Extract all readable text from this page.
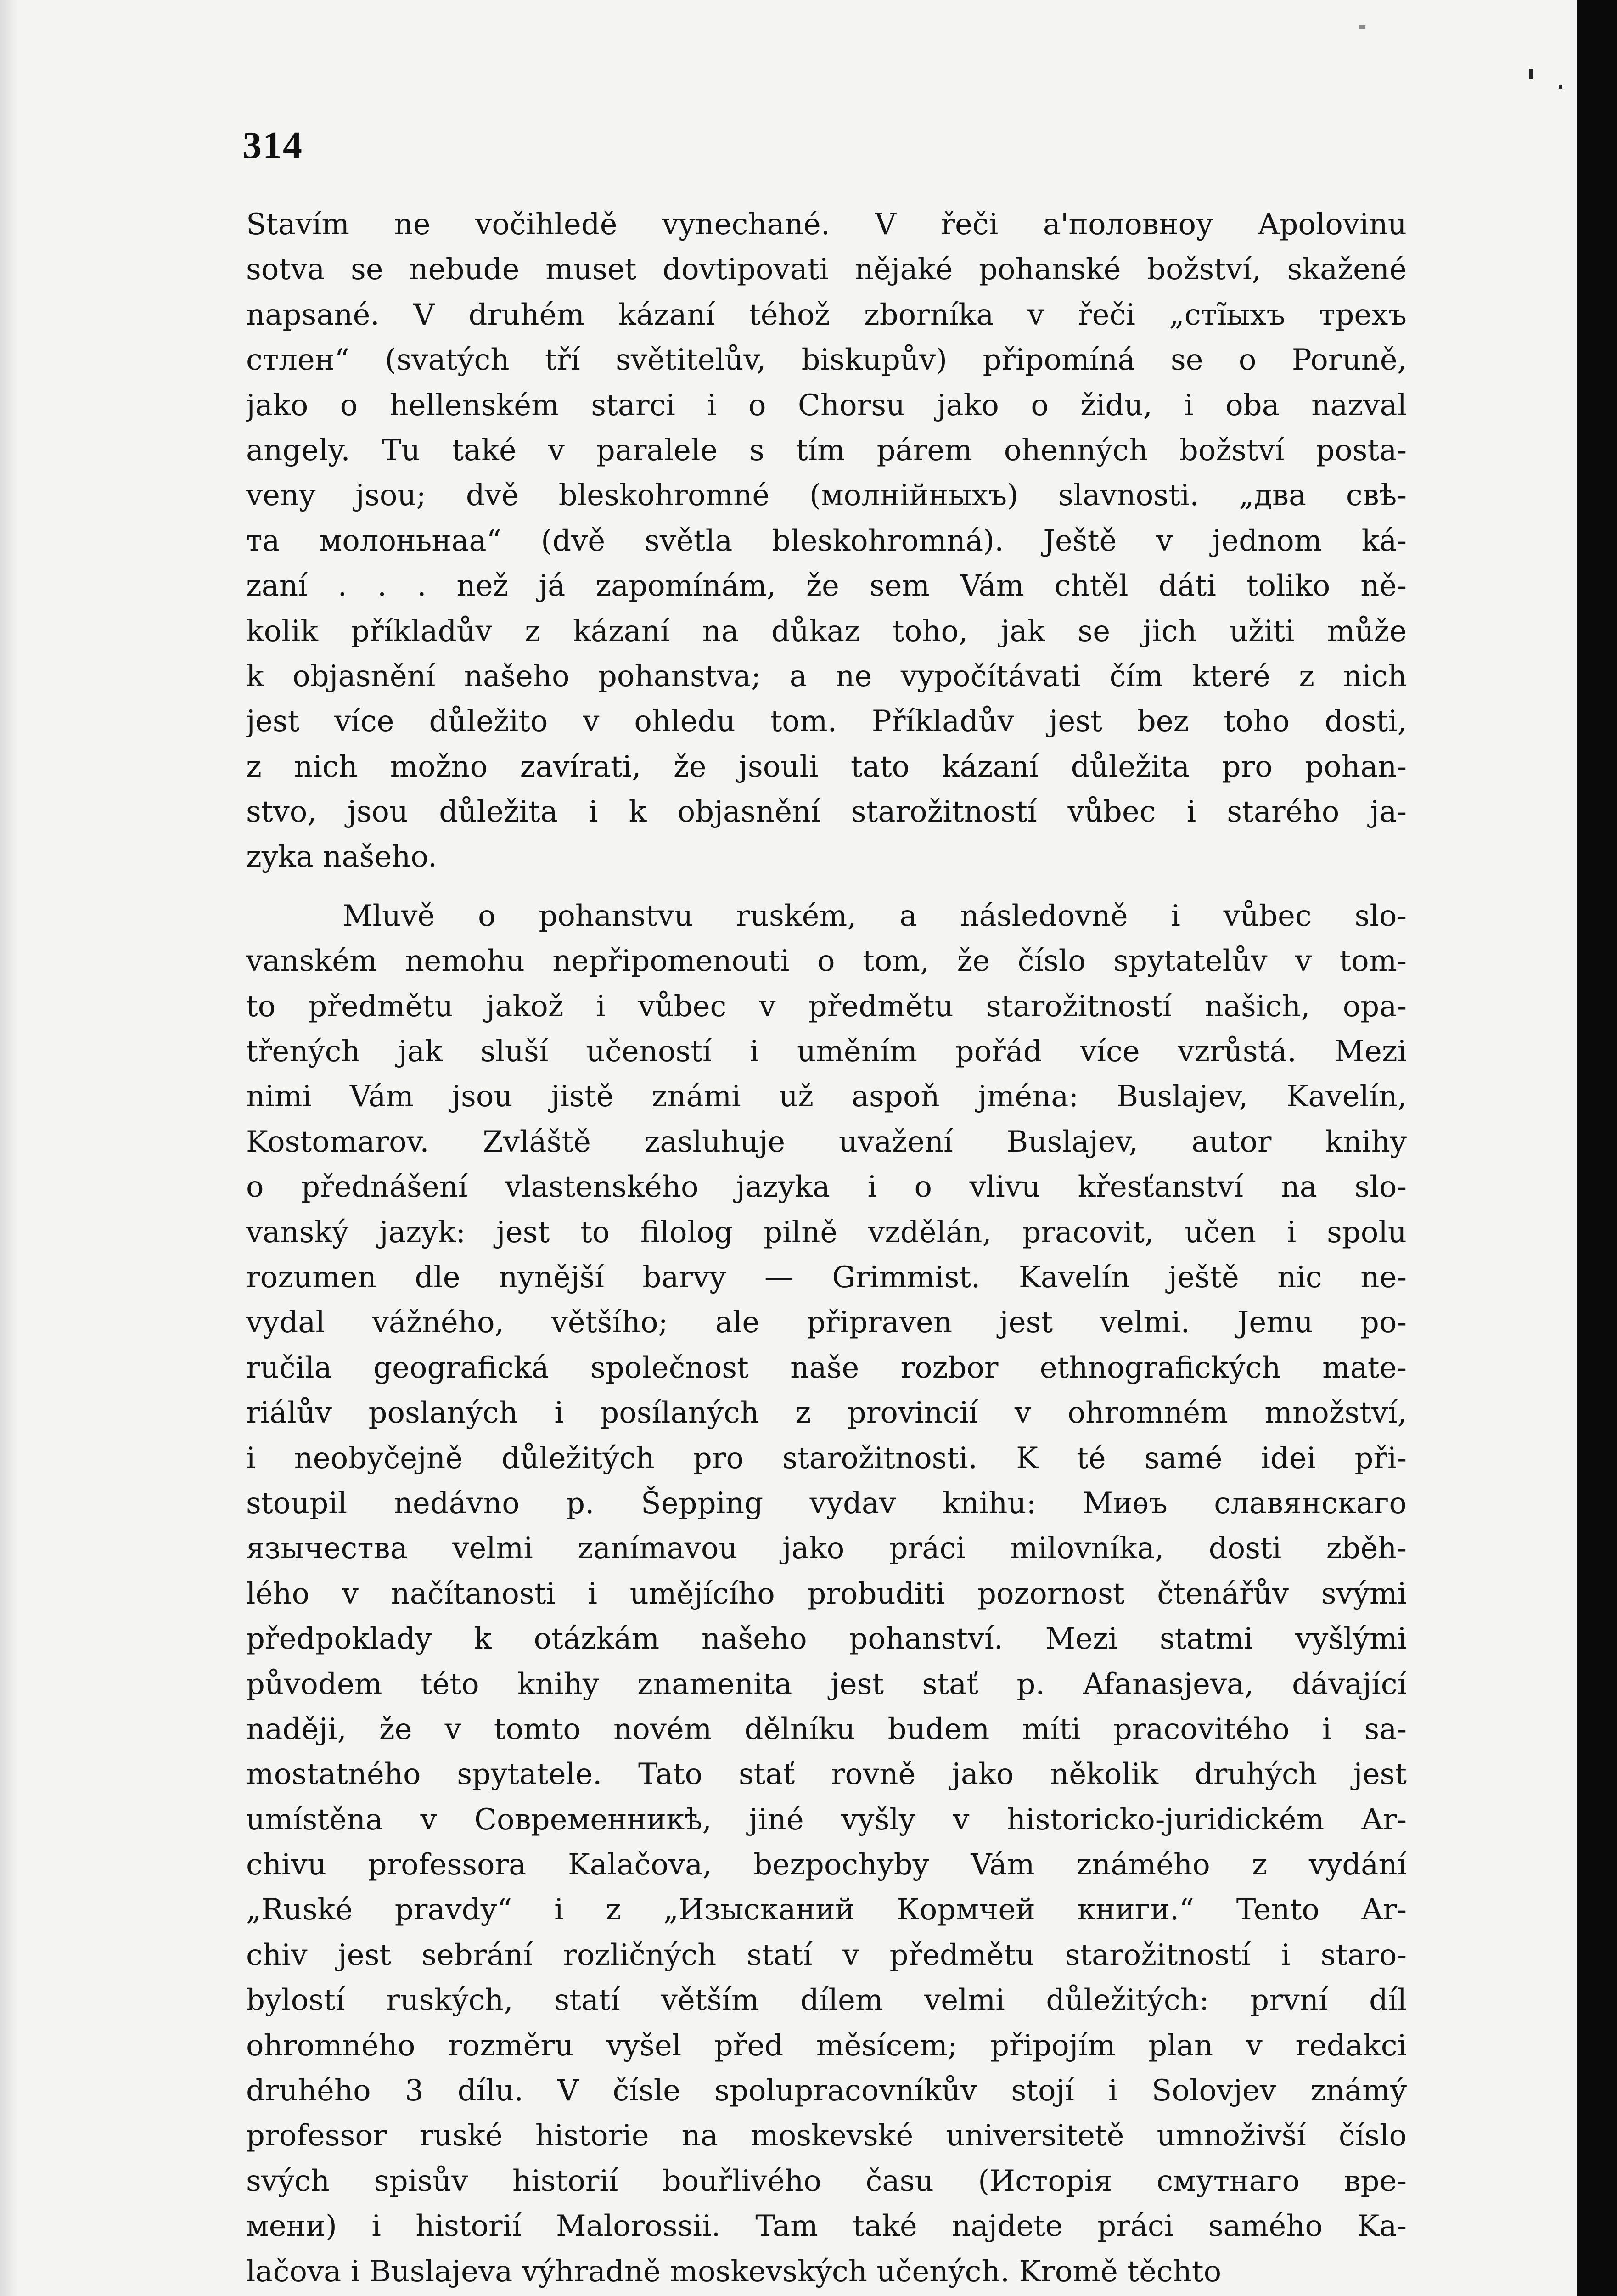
314
Stavím ne vočihledě vynechané. V řeči a'половноу Apolovinu
sotva se nebude muset dovtipovati nějaké pohanské božství, skažené
napsané. V druhém kázaní téhož zborníka v řeči „сті̃ыхъ трехъ
стлен“ (svatých tří světitelův, biskupův) připomíná se o Poruně,
jako o hellenském starci i o Chorsu jako o židu, i oba nazval
angely. Tu také v paralele s tím párem ohenných božství posta-
veny jsou; dvě bleskohromné (молнійныхъ) slavnosti. „два свѣ-
та молоньнаа“ (dvě světla bleskohromná). Ještě v jednom ká-
zaní . . . než já zapomínám, že sem Vám chtěl dáti toliko ně-
kolik příkladův z kázaní na důkaz toho, jak se jich užiti může
k objasnění našeho pohanstva; a ne vypočítávati čím které z nich
jest více důležito v ohledu tom. Příkladův jest bez toho dosti,
z nich možno zavírati, že jsouli tato kázaní důležita pro pohan-
stvo, jsou důležita i k objasnění starožitností vůbec i starého ja-
zyka našeho.
Mluvě o pohanstvu ruském, a následovně i vůbec slo-
vanském nemohu nepřipomenouti o tom, že číslo spytatelův v tom-
to předmětu jakož i vůbec v předmětu starožitností našich, opa-
třených jak sluší učeností i uměním pořád více vzrůstá. Mezi
nimi Vám jsou jistě známi už aspoň jména: Buslajev, Kavelín,
Kostomarov. Zvláště zasluhuje uvažení Buslajev, autor knihy
o přednášení vlastenského jazyka i o vlivu křesťanství na slo-
vanský jazyk: jest to filolog pilně vzdělán, pracovit, učen i spolu
rozumen dle nynější barvy — Grimmist. Kavelín ještě nic ne-
vydal vážného, většího; ale připraven jest velmi. Jemu po-
ručila geografická společnost naše rozbor ethnografických mate-
riálův poslaných i posílaných z provincií v ohromném množství,
i neobyčejně důležitých pro starožitnosti. K té samé idei při-
stoupil nedávno p. Šepping vydav knihu: Миѳъ славянскаго
язычества velmi zanímavou jako práci milovníka, dosti zběh-
lého v načítanosti i umějícího probuditi pozornost čtenářův svými
předpoklady k otázkám našeho pohanství. Mezi statmi vyšlými
původem této knihy znamenita jest stať p. Afanasjeva, dávající
naději, že v tomto novém dělníku budem míti pracovitého i sa-
mostatného spytatele. Tato stať rovně jako několik druhých jest
umístěna v Современникѣ, jiné vyšly v historicko-juridickém Ar-
chivu professora Kalačova, bezpochyby Vám známého z vydání
„Ruské pravdy“ i z „Изысканий Кормчей книги.“ Tento Ar-
chiv jest sebrání rozličných statí v předmětu starožitností i staro-
bylostí ruských, statí větším dílem velmi důležitých: první díl
ohromného rozměru vyšel před měsícem; připojím plan v redakci
druhého 3 dílu. V čísle spolupracovníkův stojí i Solovjev známý
professor ruské historie na moskevské universitetě umnoživší číslo
svých spisův historií bouřlivého času (Исторія смутнаго вре-
мени) i historií Malorossii. Tam také najdete práci samého Ka-
lačova i Buslajeva výhradně moskevských učených. Kromě těchto
